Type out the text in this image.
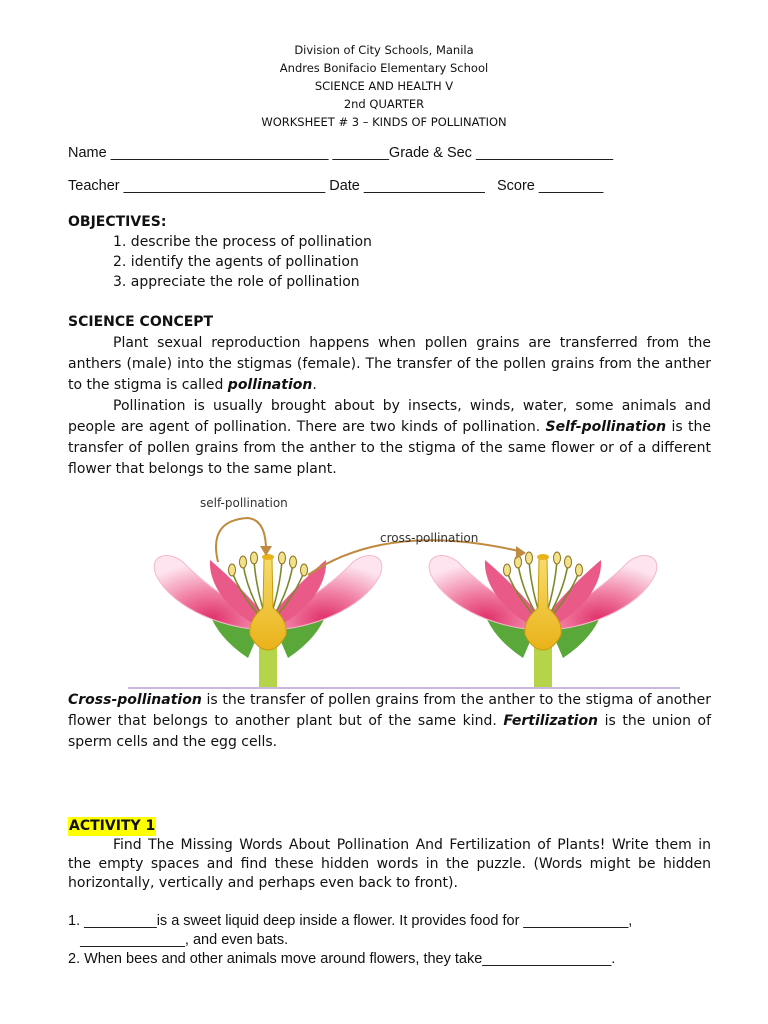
Division of City Schools, Manila
Andres Bonifacio Elementary School
SCIENCE AND HEALTH V
2nd QUARTER
WORKSHEET # 3 – KINDS OF POLLINATION
Name ___________________________ _______Grade & Sec _________________
Teacher _________________________ Date _______________   Score ________
OBJECTIVES:
1. describe the process of pollination
2. identify the agents of pollination
3. appreciate the role of pollination
SCIENCE CONCEPT

Plant sexual reproduction happens when pollen grains are transferred from the anthers (male) into the stigmas (female). The transfer of the pollen grains from the anther to the stigma is called pollination.

Pollination is usually brought about by insects, winds, water, some animals and people are agent of pollination. There are two kinds of pollination. Self-pollination is the transfer of pollen grains from the anther to the stigma of the same flower or of a different flower that belongs to the same plant.

self-pollination
cross-pollination

Cross-pollination is the transfer of pollen grains from the anther to the stigma of another flower that belongs to another plant but of the same kind. Fertilization is the union of sperm cells and the egg cells.

ACTIVITY 1

Find The Missing Words About Pollination And Fertilization of Plants! Write them in the empty spaces and find these hidden words in the puzzle. (Words might be hidden horizontally, vertically and perhaps even back to front).

1. _________is a sweet liquid deep inside a flower. It provides food for _____________,

_____________, and even bats.

2. When bees and other animals move around flowers, they take________________.
